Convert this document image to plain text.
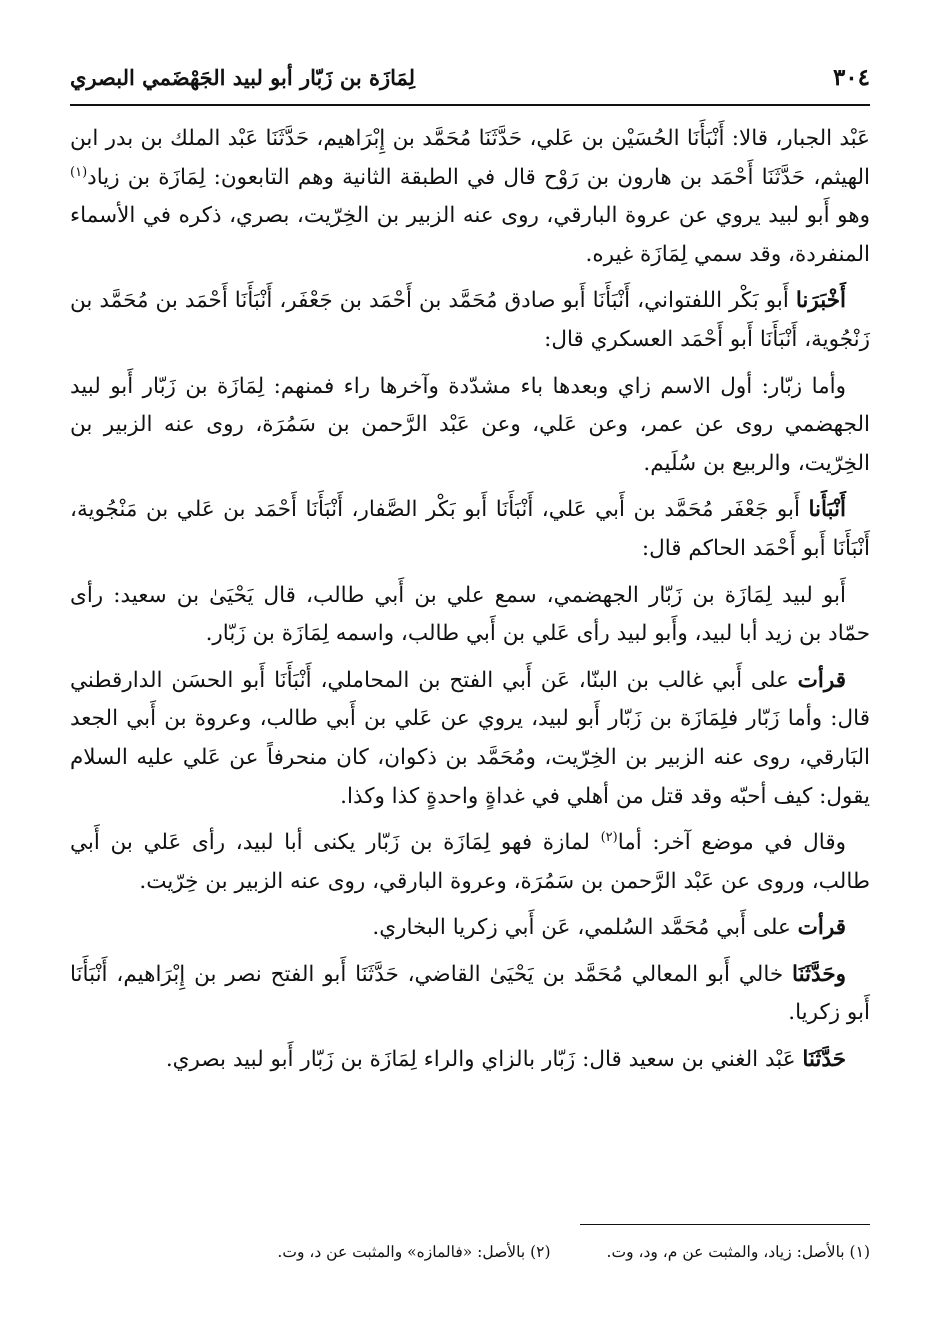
٣٠٤
لِمَازَة بن زَبّار أبو لبيد الجَهْضَمي البصري

عَبْد الجبار، قالا: أَنْبَأَنَا الحُسَيْن بن عَلي، حَدَّثَنَا مُحَمَّد بن إِبْرَاهيم، حَدَّثَنَا عَبْد الملك بن بدر ابن الهيثم، حَدَّثَنَا أَحْمَد بن هارون بن رَوْح قال في الطبقة الثانية وهم التابعون: لِمَازَة بن زياد$^{(١)}$ وهو أَبو لبيد يروي عن عروة البارقي، روى عنه الزبير بن الخِرّيت، بصري، ذكره في الأسماء المنفردة، وقد سمي لِمَازَة غيره.

أَخْبَرَنا أَبو بَكْر اللفتواني، أَنْبَأَنَا أَبو صادق مُحَمَّد بن أَحْمَد بن جَعْفَر، أَنْبَأَنَا أَحْمَد بن مُحَمَّد بن زَنْجُوية، أَنْبَأَنَا أَبو أَحْمَد العسكري قال:

وأما زبّار: أول الاسم زاي وبعدها باء مشدّدة وآخرها راء فمنهم: لِمَازَة بن زَبّار أَبو لبيد الجهضمي روى عن عمر، وعن عَلي، وعن عَبْد الرَّحمن بن سَمُرَة، روى عنه الزبير بن الخِرّيت، والربيع بن سُلَيم.

أَنْبَأَنا أَبو جَعْفَر مُحَمَّد بن أَبي عَلي، أَنْبَأَنَا أَبو بَكْر الصَّفار، أَنْبَأَنَا أَحْمَد بن عَلي بن مَنْجُوية، أَنْبَأَنَا أَبو أَحْمَد الحاكم قال:

أَبو لبيد لِمَازَة بن زَبّار الجهضمي، سمع علي بن أَبي طالب، قال يَحْيَىٰ بن سعيد: رأى حمّاد بن زيد أبا لبيد، وأَبو لبيد رأى عَلي بن أَبي طالب، واسمه لِمَازَة بن زَبّار.

قرأت على أَبي غالب بن البنّا، عَن أَبي الفتح بن المحاملي، أَنْبَأَنَا أَبو الحسَن الدارقطني قال: وأما زَبّار فلِمَازَة بن زَبّار أَبو لبيد، يروي عن عَلي بن أَبي طالب، وعروة بن أَبي الجعد البَارقي، روى عنه الزبير بن الخِرّيت، ومُحَمَّد بن ذكوان، كان منحرفاً عن عَلي عليه السلام يقول: كيف أحبّه وقد قتل من أهلي في غداةٍ واحدةٍ كذا وكذا.

وقال في موضع آخر: أما$^{(٢)}$ لمازة فهو لِمَازَة بن زَبّار يكنى أبا لبيد، رأى عَلي بن أَبي طالب، وروى عن عَبْد الرَّحمن بن سَمُرَة، وعروة البارقي، روى عنه الزبير بن خِرّيت.

قرأت على أَبي مُحَمَّد السُلمي، عَن أَبي زكريا البخاري.

وحَدَّثَنَا خالي أَبو المعالي مُحَمَّد بن يَحْيَىٰ القاضي، حَدَّثَنَا أَبو الفتح نصر بن إِبْرَاهيم، أَنْبَأَنَا أَبو زكريا.

حَدَّثَنَا عَبْد الغني بن سعيد قال: زَبّار بالزاي والراء لِمَازَة بن زَبّار أَبو لبيد بصري.

(١) بالأصل: زياد، والمثبت عن م، ود، وت.
(٢) بالأصل: «فالمازه» والمثبت عن د، وت.
